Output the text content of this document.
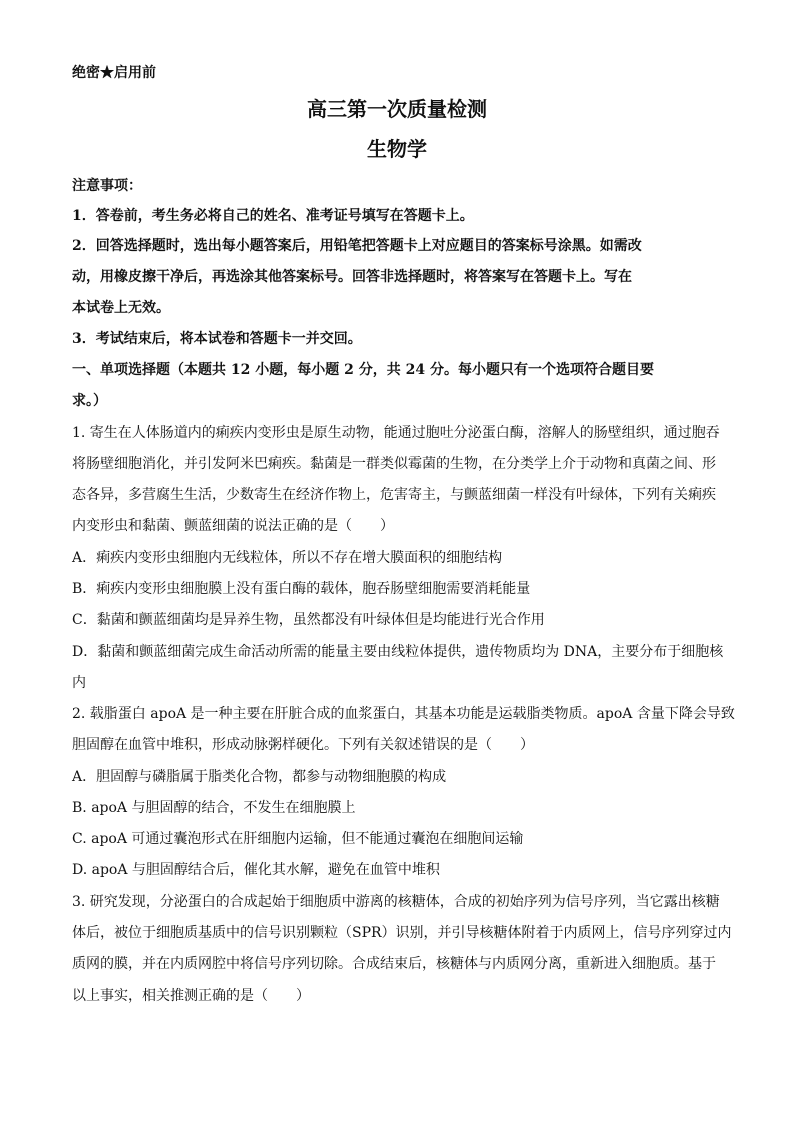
绝密★启用前
高三第一次质量检测
生物学
注意事项：
1．答卷前，考生务必将自己的姓名、准考证号填写在答题卡上。
2．回答选择题时，选出每小题答案后，用铅笔把答题卡上对应题目的答案标号涂黑。如需改
动，用橡皮擦干净后，再选涂其他答案标号。回答非选择题时，将答案写在答题卡上。写在
本试卷上无效。
3．考试结束后，将本试卷和答题卡一并交回。
一、单项选择题（本题共 12 小题，每小题 2 分，共 24 分。每小题只有一个选项符合题目要
求。）
1. 寄生在人体肠道内的痢疾内变形虫是原生动物，能通过胞吐分泌蛋白酶，溶解人的肠壁组织，通过胞吞
将肠壁细胞消化，并引发阿米巴痢疾。黏菌是一群类似霉菌的生物，在分类学上介于动物和真菌之间、形
态各异，多营腐生生活，少数寄生在经济作物上，危害寄主，与颤蓝细菌一样没有叶绿体，下列有关痢疾
内变形虫和黏菌、颤蓝细菌的说法正确的是（　　）
A．痢疾内变形虫细胞内无线粒体，所以不存在增大膜面积的细胞结构
B．痢疾内变形虫细胞膜上没有蛋白酶的载体，胞吞肠壁细胞需要消耗能量
C．黏菌和颤蓝细菌均是异养生物，虽然都没有叶绿体但是均能进行光合作用
D．黏菌和颤蓝细菌完成生命活动所需的能量主要由线粒体提供，遗传物质均为 DNA，主要分布于细胞核
内
2. 载脂蛋白 apoA 是一种主要在肝脏合成的血浆蛋白，其基本功能是运载脂类物质。apoA 含量下降会导致
胆固醇在血管中堆积，形成动脉粥样硬化。下列有关叙述错误的是（　　）
A．胆固醇与磷脂属于脂类化合物，都参与动物细胞膜的构成
B. apoA 与胆固醇的结合，不发生在细胞膜上
C. apoA 可通过囊泡形式在肝细胞内运输，但不能通过囊泡在细胞间运输
D. apoA 与胆固醇结合后，催化其水解，避免在血管中堆积
3. 研究发现，分泌蛋白的合成起始于细胞质中游离的核糖体，合成的初始序列为信号序列，当它露出核糖
体后，被位于细胞质基质中的信号识别颗粒（SPR）识别，并引导核糖体附着于内质网上，信号序列穿过内
质网的膜，并在内质网腔中将信号序列切除。合成结束后，核糖体与内质网分离，重新进入细胞质。基于
以上事实，相关推测正确的是（　　）
